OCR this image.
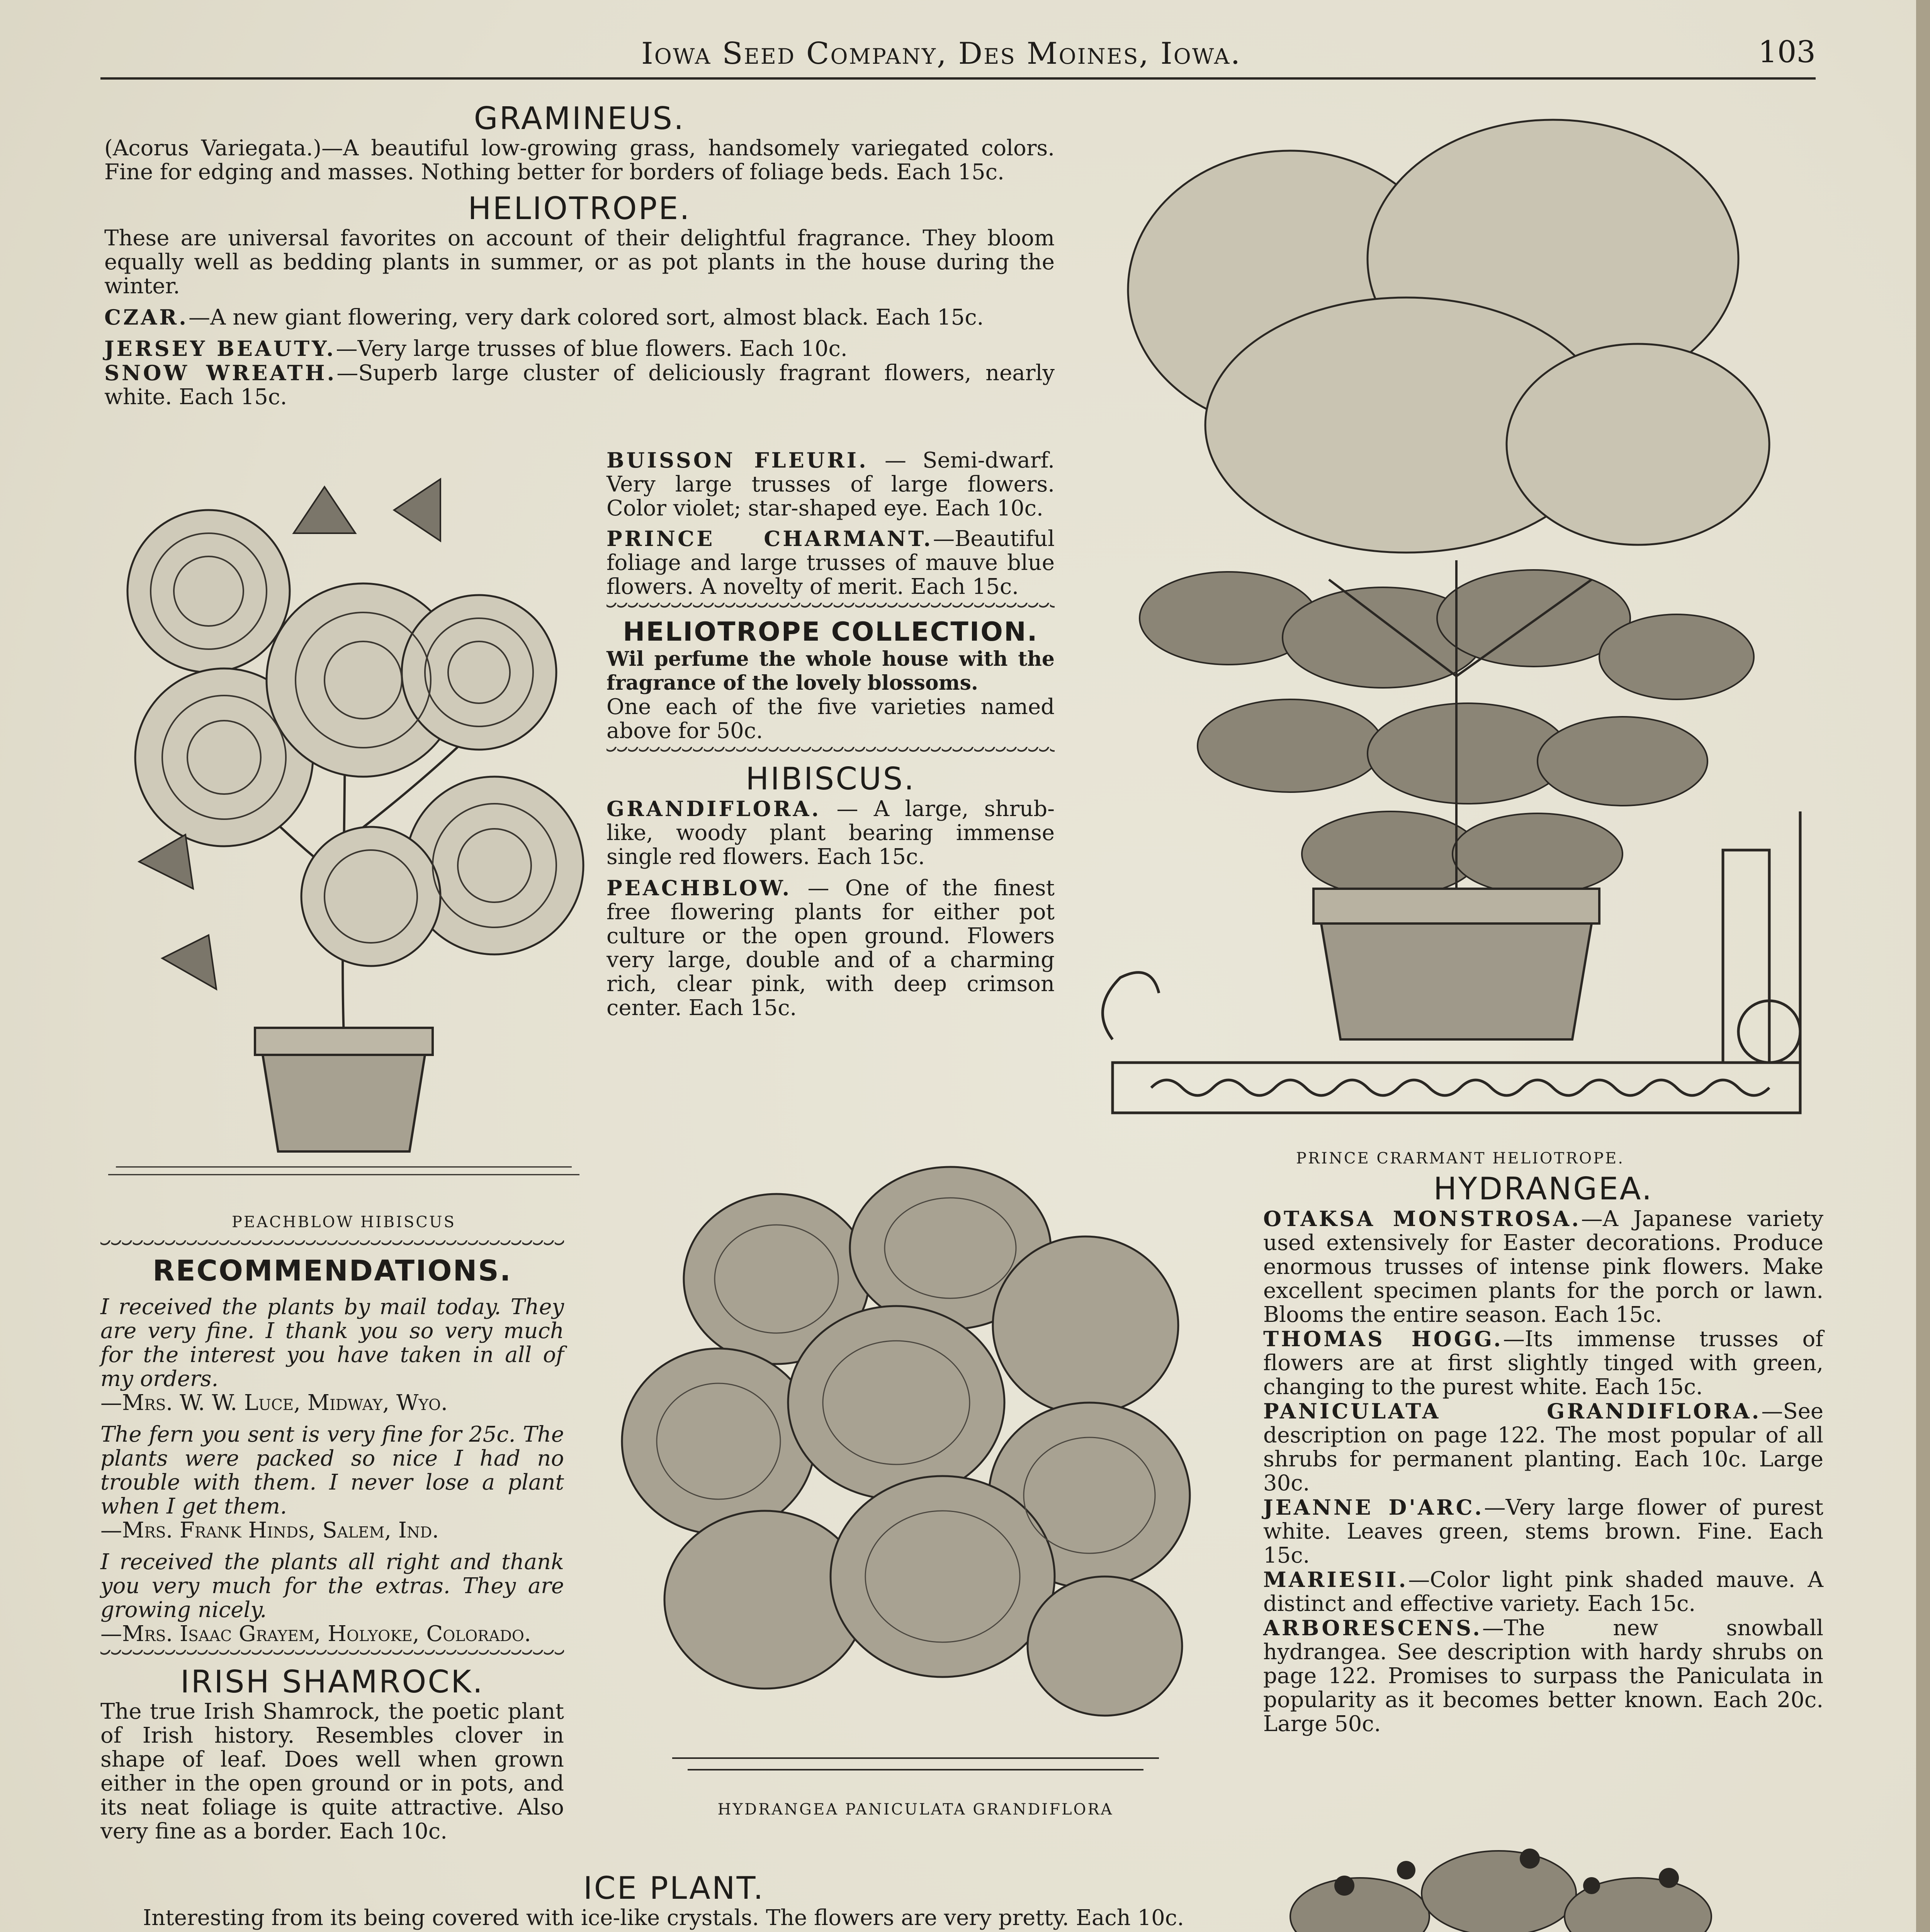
Iowa Seed Company, Des Moines, Iowa.	103
GRAMINEUS.

(Acorus Variegata.)—A beautiful low-growing grass, handsomely variegated colors. Fine for edging and masses. Nothing better for borders of foliage beds. Each 15c.

HELIOTROPE.

These are universal favorites on account of their delightful fragrance. They bloom equally well as bedding plants in summer, or as pot plants in the house during the winter.

CZAR.—A new giant flowering, very dark colored sort, almost black. Each 15c.

JERSEY BEAUTY.—Very large trusses of blue flowers. Each 10c.

SNOW WREATH.—Superb large cluster of deliciously fragrant flowers, nearly white. Each 15c.

PEACHBLOW HIBISCUS

BUISSON FLEURI. — Semi-dwarf. Very large trusses of large flowers. Color violet; star-shaped eye. Each 10c.

PRINCE CHARMANT.—Beautiful foliage and large trusses of mauve blue flowers. A novelty of merit. Each 15c.

HELIOTROPE COLLECTION.

Wil perfume the whole house with the fragrance of the lovely blossoms.

One each of the five varieties named above for 50c.

HIBISCUS.

GRANDIFLORA. — A large, shrub-like, woody plant bearing immense single red flowers. Each 15c.

PEACHBLOW. — One of the finest free flowering plants for either pot culture or the open ground. Flowers very large, double and of a charming rich, clear pink, with deep crimson center. Each 15c.

PRINCE CRARMANT HELIOTROPE.
RECOMMENDATIONS.

I received the plants by mail today. They are very fine. I thank you so very much for the interest you have taken in all of my orders.

—Mrs. W. W. Luce, Midway, Wyo.

The fern you sent is very fine for 25c. The plants were packed so nice I had no trouble with them. I never lose a plant when I get them.

—Mrs. Frank Hinds, Salem, Ind.

I received the plants all right and thank you very much for the extras. They are growing nicely.

—Mrs. Isaac Grayem, Holyoke, Colorado.

IRISH SHAMROCK.

The true Irish Shamrock, the poetic plant of Irish history. Resembles clover in shape of leaf. Does well when grown either in the open ground or in pots, and its neat foliage is quite attractive. Also very fine as a border. Each 10c.

HYDRANGEA PANICULATA GRANDIFLORA
HYDRANGEA.

OTAKSA MONSTROSA.—A Japanese variety used extensively for Easter decorations. Produce enormous trusses of intense pink flowers. Make excellent specimen plants for the porch or lawn. Blooms the entire season. Each 15c.

THOMAS HOGG.—Its immense trusses of flowers are at first slightly tinged with green, changing to the purest white. Each 15c.

PANICULATA GRANDIFLORA.—See description on page 122. The most popular of all shrubs for permanent planting. Each 10c. Large 30c.

JEANNE D'ARC.—Very large flower of purest white. Leaves green, stems brown. Fine. Each 15c.

MARIESII.—Color light pink shaded mauve. A distinct and effective variety. Each 15c.

ARBORESCENS.—The new snowball hydrangea. See description with hardy shrubs on page 122. Promises to surpass the Paniculata in popularity as it becomes better known. Each 20c. Large 50c.

ICE PLANT.

Interesting from its being covered with ice-like crystals. The flowers are very pretty. Each 10c.
